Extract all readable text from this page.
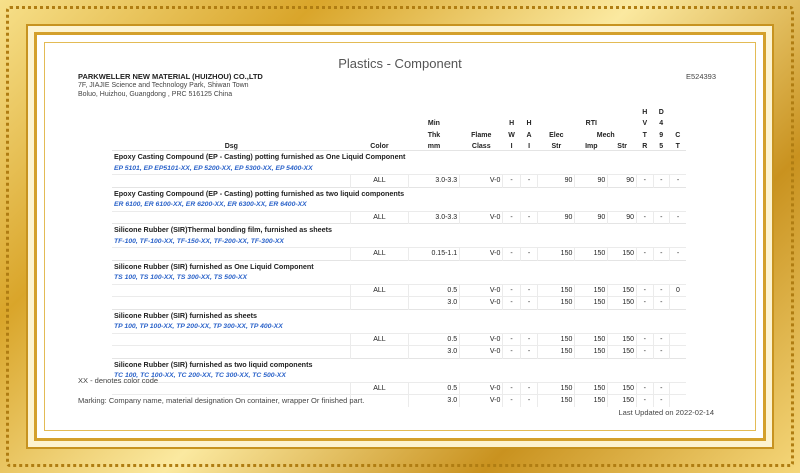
Plastics - Component
PARKWELLER NEW MATERIAL (HUIZHOU) CO.,LTD
7F, JIAJIE Science and Technology Park, Shiwan Town
Boluo, Huizhou, Guangdong , PRC 516125 China
E524393
									H	D	
		Min		H	H		RTI		V	4	
		Thk	Flame	W	A	Elec	Mech		T	9	C
Dsg	Color	mm	Class	I	I	Str	Imp	Str	R	5	T
Epoxy Casting Compound (EP - Casting) potting furnished as One Liquid Component											
EP 5101, EP EP5101-XX, EP 5200-XX, EP 5300-XX, EP 5400-XX											
	ALL	3.0-3.3	V-0	-	-	90	90	90	-	-	-
Epoxy Casting Compound (EP - Casting) potting furnished as two liquid components											
ER 6100, ER 6100-XX, ER 6200-XX, ER 6300-XX, ER 6400-XX											
	ALL	3.0-3.3	V-0	-	-	90	90	90	-	-	-
Silicone Rubber (SIR)Thermal bonding film, furnished as sheets											
TF-100, TF-100-XX, TF-150-XX, TF-200-XX, TF-300-XX											
	ALL	0.15-1.1	V-0	-	-	150	150	150	-	-	-
Silicone Rubber (SIR) furnished as One Liquid Component											
TS 100, TS 100-XX, TS 300-XX, TS 500-XX											
	ALL	0.5	V-0	-	-	150	150	150	-	-	0
		3.0	V-0	-	-	150	150	150	-	-	
Silicone Rubber (SIR) furnished as sheets											
TP 100, TP 100-XX, TP 200-XX, TP 300-XX, TP 400-XX											
	ALL	0.5	V-0	-	-	150	150	150	-	-	
		3.0	V-0	-	-	150	150	150	-	-	
Silicone Rubber (SIR) furnished as two liquid components											
TC 100, TC 100-XX, TC 200-XX, TC 300-XX, TC 500-XX											
	ALL	0.5	V-0	-	-	150	150	150	-	-	
		3.0	V-0	-	-	150	150	150	-	-	
XX - denotes color code
Marking: Company name, material designation On container, wrapper Or finished part.
Last Updated on 2022-02-14
